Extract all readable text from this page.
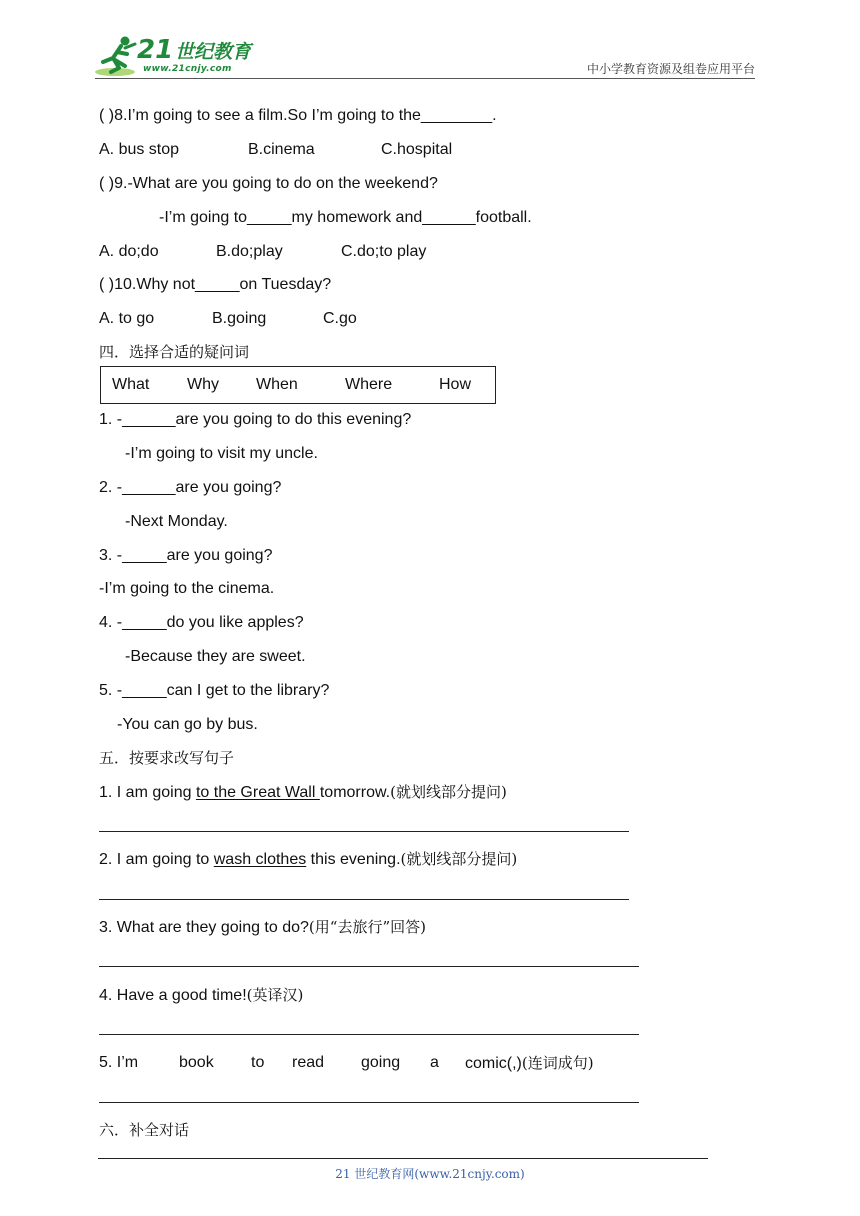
21 世纪教育
www.21cnjy.com	中小学教育资源及组卷应用平台
( )8.I’m going to see a film.So I’m going to the________.
A. bus stop	B.cinema	C.hospital
( )9.-What are you going to do on the weekend?
-I’m going to_____my homework and______football.
A. do;do	B.do;play	C.do;to play
( )10.Why not_____on Tuesday?
A. to go	B.going	C.go
四．选择合适的疑问词
What Why When	Where	How
1. -______are you going to do this evening?
-I’m going to visit my uncle.
2. -______are you going?
-Next Monday.
3. -_____are you going?
-I’m going to the cinema.
4. -_____do you like apples?
-Because they are sweet.
5. -_____can I get to the library?
-You can go by bus.
五．按要求改写句子
1. I am going to the Great Wall tomorrow.(就划线部分提问)
2. I am going to wash clothes this evening.(就划线部分提问)
3. What are they going to do?(用“去旅行”回答)
4. Have a good time!(英译汉)
5. I’m	book to read going a comic(,)(连词成句)
六．补全对话
21 世纪教育网(www.21cnjy.com)
